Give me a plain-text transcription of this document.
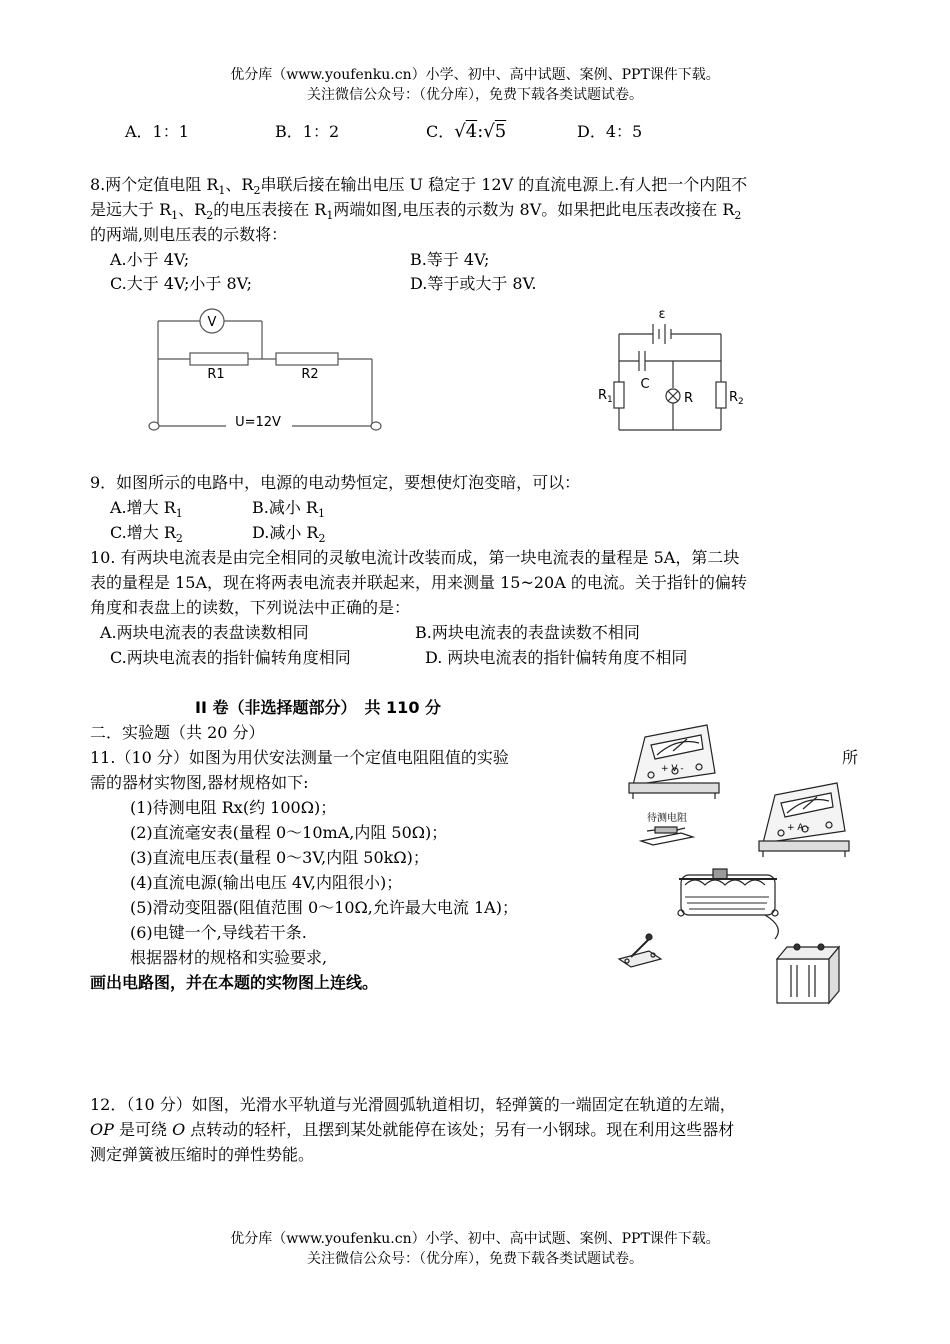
优分库（www.youfenku.cn）小学、初中、高中试题、案例、PPT课件下载。
关注微信公众号：（优分库），免费下载各类试题试卷。
A．1：1	B．1：2	C．√4:√5	D．4：5
8.两个定值电阻 $R_1$、$R_2$串联后接在输出电压 U 稳定于 12V 的直流电源上.有人把一个内阻不
是远大于 $R_1$、$R_2$的电压表接在 $R_1$两端如图,电压表的示数为 8V。如果把此电压表改接在 $R_2$
的两端,则电压表的示数将：
A.小于 4V;	B.等于 4V;
C.大于 4V;小于 8V;	D.等于或大于 8V.
V
R1	R2
U=12V
ε
C
$R_1$	R	$R_2$
9．如图所示的电路中，电源的电动势恒定，要想使灯泡变暗，可以：
A.增大 $R_1$	B.减小 $R_1$
C.增大 $R_2$	D.减小 $R_2$
10. 有两块电流表是由完全相同的灵敏电流计改装而成，第一块电流表的量程是 5A，第二块
表的量程是 15A，现在将两表电流表并联起来，用来测量 15~20A 的电流。关于指针的偏转
角度和表盘上的读数，下列说法中正确的是：
A.两块电流表的表盘读数相同	B.两块电流表的表盘读数不相同
C.两块电流表的指针偏转角度相同	D. 两块电流表的指针偏转角度不相同
II 卷（非选择题部分）　共 110 分
二．实验题（共 20 分）
11.（10 分）如图为用伏安法测量一个定值电阻阻值的实验	所
需的器材实物图,器材规格如下:
(1)待测电阻 Rx(约 100Ω)；
(2)直流毫安表(量程 0～10mA,内阻 50Ω)；
(3)直流电压表(量程 0～3V,内阻 50kΩ)；
(4)直流电源(输出电压 4V,内阻很小)；
(5)滑动变阻器(阻值范围 0～10Ω,允许最大电流 1A)；
(6)电键一个,导线若干条.
根据器材的规格和实验要求,
画出电路图，并在本题的实物图上连线。
+ V -
+ A -
待测电阻
12．（10 分）如图，光滑水平轨道与光滑圆弧轨道相切，轻弹簧的一端固定在轨道的左端，
OP 是可绕 O 点转动的轻杆，且摆到某处就能停在该处；另有一小钢球。现在利用这些器材
测定弹簧被压缩时的弹性势能。
优分库（www.youfenku.cn）小学、初中、高中试题、案例、PPT课件下载。
关注微信公众号：（优分库），免费下载各类试题试卷。
